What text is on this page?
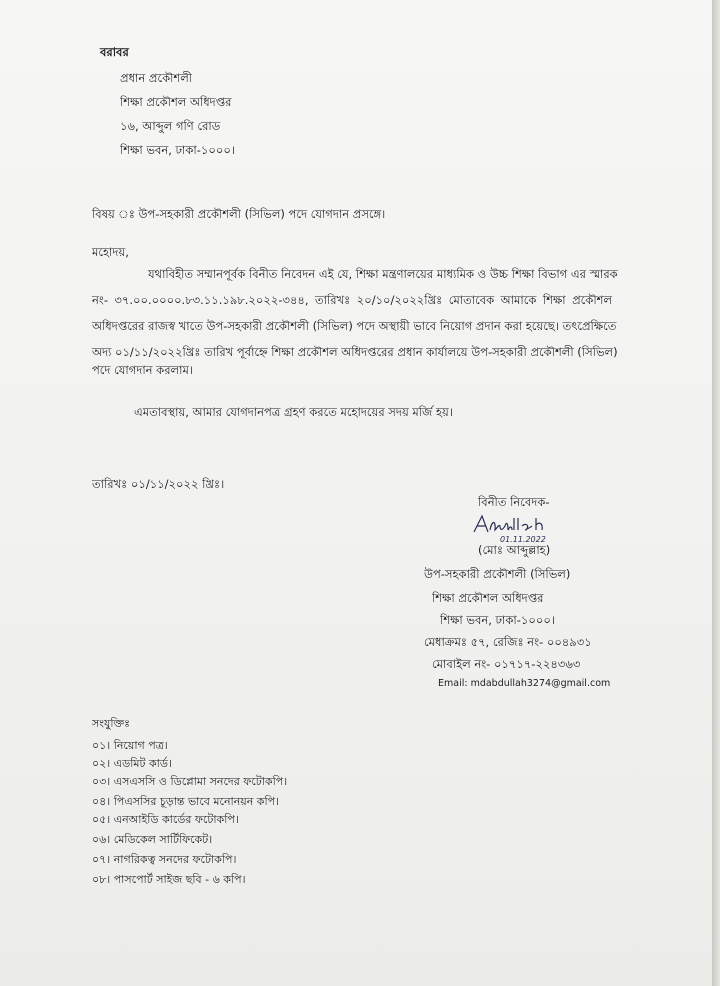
বরাবর
প্রধান প্রকৌশলী
শিক্ষা প্রকৌশল অধিদপ্তর
১৬, আব্দুল গণি রোড
শিক্ষা ভবন, ঢাকা-১০০০।
বিষয় ঃ উপ-সহকারী প্রকৌশলী (সিভিল) পদে যোগদান প্রসঙ্গে।
মহোদয়,
যথাবিহীত সম্মানপূর্বক বিনীত নিবেদন এই যে, শিক্ষা মন্ত্রণালয়ের মাধ্যমিক ও উচ্চ শিক্ষা বিভাগ এর স্মারক
নং- ৩৭.০০.০০০০.৮৩.১১.১৯৮.২০২২-৩৪৪, তারিখঃ ২০/১০/২০২২খ্রিঃ মোতাবেক আমাকে শিক্ষা প্রকৌশল
অধিদপ্তরের রাজস্ব খাতে উপ-সহকারী প্রকৌশলী (সিভিল) পদে অস্থায়ী ভাবে নিয়োগ প্রদান করা হয়েছে। তৎপ্রেক্ষিতে
অদ্য ০১/১১/২০২২খ্রিঃ তারিখ পূর্বাহ্নে শিক্ষা প্রকৌশল অধিদপ্তরের প্রধান কার্যালয়ে উপ-সহকারী প্রকৌশলী (সিভিল)
পদে যোগদান করলাম।
এমতাবস্থায়, আমার যোগদানপত্র গ্রহণ করতে মহোদয়ের সদয় মর্জি হয়।
তারিখঃ ০১/১১/২০২২ খ্রিঃ।
বিনীত নিবেদক-
01.11.2022
(মোঃ আব্দুল্লাহ)
উপ-সহকারী প্রকৌশলী (সিভিল)
শিক্ষা প্রকৌশল অধিদপ্তর
শিক্ষা ভবন, ঢাকা-১০০০।
মেধাক্রমঃ ৫৭, রেজিঃ নং- ০০৪৯৩১
মোবাইল নং- ০১৭১৭-২২৪৩৬৩
Email: mdabdullah3274@gmail.com
সংযুক্তিঃ
০১। নিয়োগ পত্র।
০২। এডমিট কার্ড।
০৩। এসএসসি ও ডিপ্লোমা সনদের ফটোকপি।
০৪। পিএসসির চূড়ান্ত ভাবে মনোনয়ন কপি।
০৫। এনআইডি কার্ডের ফটোকপি।
০৬। মেডিকেল সার্টিফিকেট।
০৭। নাগরিকত্ব সনদের ফটোকপি।
০৮। পাসপোর্ট সাইজ ছবি - ৬ কপি।
